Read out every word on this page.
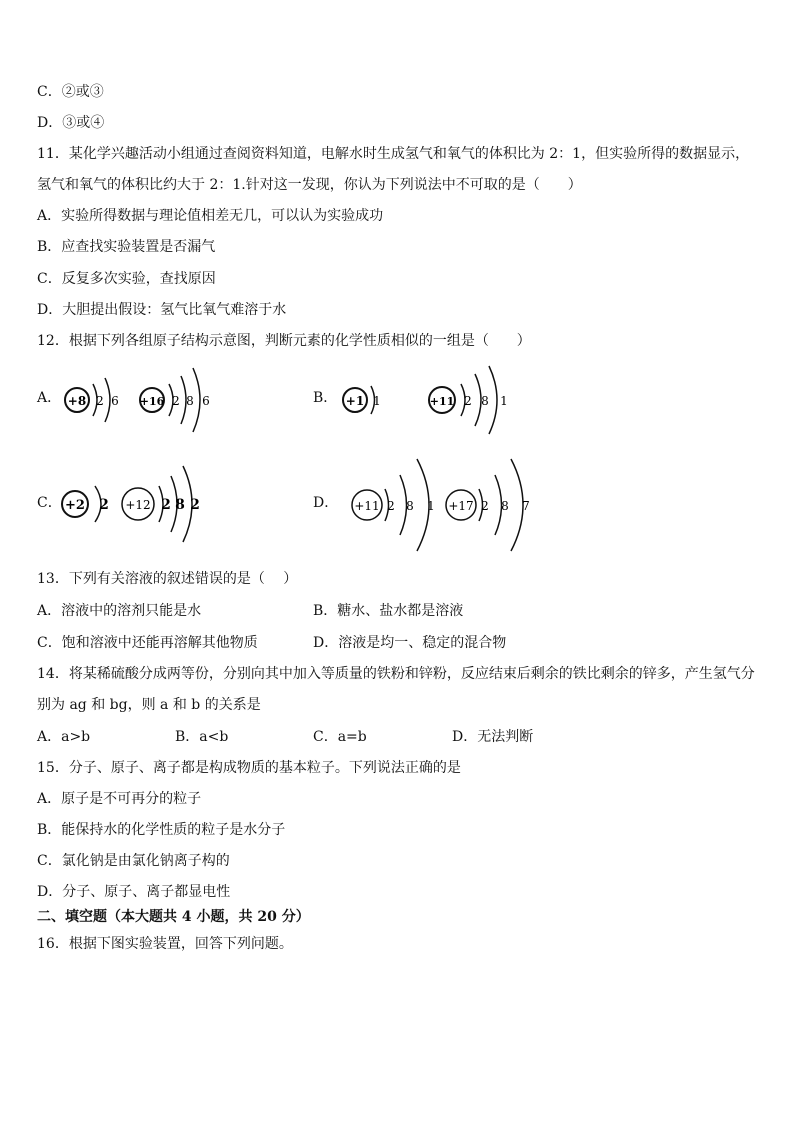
C．②或③
D．③或④
11．某化学兴趣活动小组通过查阅资料知道，电解水时生成氢气和氧气的体积比为 2：1，但实验所得的数据显示，氢气和氧气的体积比约大于 2：1.针对这一发现，你认为下列说法中不可取的是（　　）
A．实验所得数据与理论值相差无几，可以认为实验成功
B．应查找实验装置是否漏气
C．反复多次实验，查找原因
D．大胆提出假设：氢气比氧气难溶于水
12．根据下列各组原子结构示意图，判断元素的化学性质相似的一组是（　　）
A．	B．
C．	D．
+8 2 6 +16 2 8 6	+1 1	+11 2 8 1
+2 2 +12 2 8 2	+11 2 8 1 +17 2 8 7
13．下列有关溶液的叙述错误的是（　 ）
A．溶液中的溶剂只能是水	B．糖水、盐水都是溶液
C．饱和溶液中还能再溶解其他物质	D．溶液是均一、稳定的混合物
14．将某稀硫酸分成两等份，分别向其中加入等质量的铁粉和锌粉，反应结束后剩余的铁比剩余的锌多，产生氢气分别为 ag 和 bg，则 a 和 b 的关系是
A．a>b	B．a<b	C．a=b	D．无法判断
15．分子、原子、离子都是构成物质的基本粒子。下列说法正确的是
A．原子是不可再分的粒子
B．能保持水的化学性质的粒子是水分子
C．氯化钠是由氯化钠离子构的
D．分子、原子、离子都显电性
二、填空题（本大题共 4 小题，共 20 分）
16．根据下图实验装置，回答下列问题。
